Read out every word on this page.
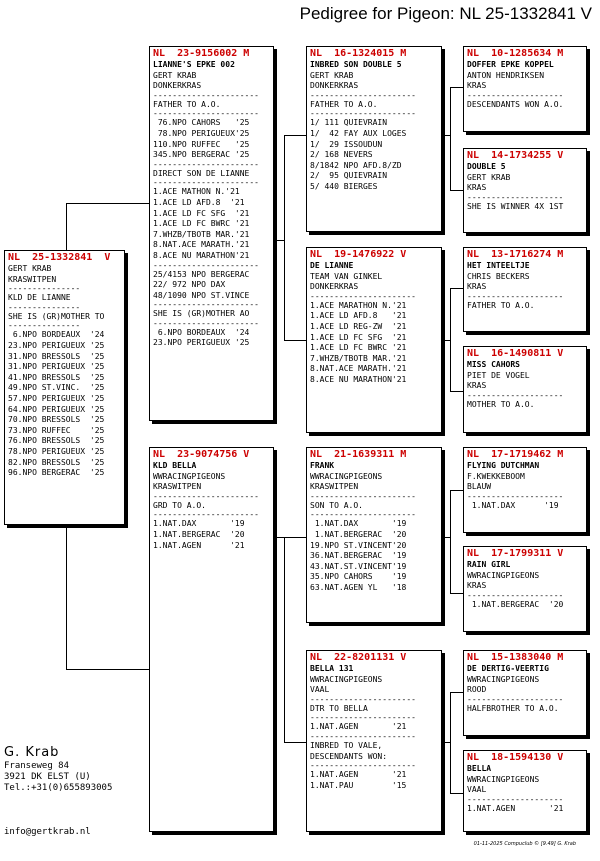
Pedigree for Pigeon: NL 25-1332841 V
NL  25-1332841  V
GERT KRAB
KRASWITPEN
---------------
KLD DE LIANNE
---------------
SHE IS (GR)MOTHER TO
---------------
6.NPO BORDEAUX  '24
23.NPO PERIGUEUX '25
31.NPO BRESSOLS  '25
31.NPO PERIGUEUX '25
41.NPO BRESSOLS  '25
49.NPO ST.VINC.  '25
57.NPO PERIGUEUX '25
64.NPO PERIGUEUX '25
70.NPO BRESSOLS  '25
73.NPO RUFFEC    '25
76.NPO BRESSOLS  '25
78.NPO PERIGUEUX '25
82.NPO BRESSOLS  '25
96.NPO BERGERAC  '25
NL  23-9156002 M
LIANNE'S EPKE 002
GERT KRAB
DONKERKRAS
----------------------
FATHER TO A.O.
----------------------
76.NPO CAHORS   '25
78.NPO PERIGUEUX'25
110.NPO RUFFEC   '25
345.NPO BERGERAC '25
----------------------
DIRECT SON DE LIANNE
----------------------
1.ACE MATHON N.'21
1.ACE LD AFD.8  '21
1.ACE LD FC SFG  '21
1.ACE LD FC BWRC '21
7.WHZB/TBOTB MAR.'21
8.NAT.ACE MARATH.'21
8.ACE NU MARATHON'21
----------------------
25/4153 NPO BERGERAC
22/ 972 NPO DAX
48/1090 NPO ST.VINCE
----------------------
SHE IS (GR)MOTHER AO
----------------------
6.NPO BORDEAUX  '24
23.NPO PERIGUEUX '25
NL  23-9074756 V
KLD BELLA
WWRACINGPIGEONS
KRASWITPEN
----------------------
GRD TO A.O.
----------------------
1.NAT.DAX       '19
1.NAT.BERGERAC  '20
1.NAT.AGEN      '21
NL  16-1324015 M
INBRED SON DOUBLE 5
GERT KRAB
DONKERKRAS
----------------------
FATHER TO A.O.
----------------------
1/ 111 QUIEVRAIN
1/  42 FAY AUX LOGES
1/  29 ISSOUDUN
2/ 168 NEVERS
8/1842 NPO AFD.8/ZD
2/  95 QUIEVRAIN
5/ 440 BIERGES
NL  19-1476922 V
DE LIANNE
TEAM VAN GINKEL
DONKERKRAS
----------------------
1.ACE MARATHON N.'21
1.ACE LD AFD.8   '21
1.ACE LD REG-ZW  '21
1.ACE LD FC SFG  '21
1.ACE LD FC BWRC '21
7.WHZB/TBOTB MAR.'21
8.NAT.ACE MARATH.'21
8.ACE NU MARATHON'21
NL  21-1639311 M
FRANK
WWRACINGPIGEONS
KRASWITPEN
----------------------
SON TO A.O.
----------------------
1.NAT.DAX       '19
1.NAT.BERGERAC  '20
19.NPO ST.VINCENT'20
36.NAT.BERGERAC  '19
43.NAT.ST.VINCENT'19
35.NPO CAHORS    '19
63.NAT.AGEN YL   '18
NL  22-8201131 V
BELLA 131
WWRACINGPIGEONS
VAAL
----------------------
DTR TO BELLA
----------------------
1.NAT.AGEN       '21
----------------------
INBRED TO VALE,
DESCENDANTS WON:
----------------------
1.NAT.AGEN       '21
1.NAT.PAU        '15
NL  10-1285634 M
DOFFER EPKE KOPPEL
ANTON HENDRIKSEN
KRAS
--------------------
DESCENDANTS WON A.O.
NL  14-1734255 V
DOUBLE 5
GERT KRAB
KRAS
--------------------
SHE IS WINNER 4X 1ST
NL  13-1716274 M
HET INTEELTJE
CHRIS BECKERS
KRAS
--------------------
FATHER TO A.O.
NL  16-1490811 V
MISS CAHORS
PIET DE VOGEL
KRAS
--------------------
MOTHER TO A.O.
NL  17-1719462 M
FLYING DUTCHMAN
F.KWEKKEBOOM
BLAUW
--------------------
1.NAT.DAX      '19
NL  17-1799311 V
RAIN GIRL
WWRACINGPIGEONS
KRAS
--------------------
1.NAT.BERGERAC  '20
NL  15-1383040 M
DE DERTIG-VEERTIG
WWRACINGPIGEONS
ROOD
--------------------
HALFBROTHER TO A.O.
NL  18-1594130 V
BELLA
WWRACINGPIGEONS
VAAL
--------------------
1.NAT.AGEN       '21
G. Krab
Franseweg 84
3921 DK ELST (U)
Tel.:+31(0)655893005
info@gertkrab.nl
01-11-2025 Compuclub © [9.49] G. Krab
